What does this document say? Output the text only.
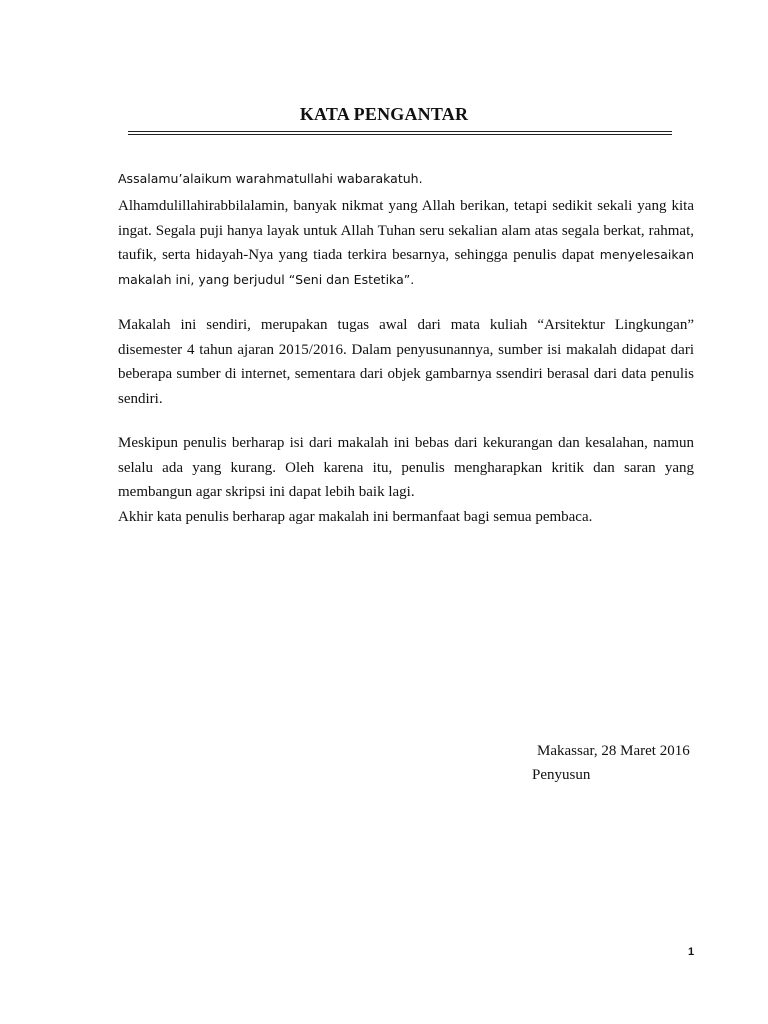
KATA PENGANTAR

Assalamu’alaikum warahmatullahi wabarakatuh.

Alhamdulillahirabbilalamin, banyak nikmat yang Allah berikan, tetapi sedikit sekali yang kita ingat. Segala puji hanya layak untuk Allah Tuhan seru sekalian alam atas segala berkat, rahmat, taufik, serta hidayah-Nya yang tiada terkira besarnya, sehingga penulis dapat menyelesaikan makalah ini, yang berjudul “Seni dan Estetika”.

Makalah ini sendiri, merupakan tugas awal dari mata kuliah “Arsitektur Lingkungan” disemester 4 tahun ajaran 2015/2016. Dalam penyusunannya, sumber isi makalah didapat dari beberapa sumber di internet, sementara dari objek gambarnya ssendiri berasal dari data penulis sendiri.

Meskipun penulis berharap isi dari makalah ini bebas dari kekurangan dan kesalahan, namun selalu ada yang kurang. Oleh karena itu, penulis mengharapkan kritik dan saran yang membangun agar skripsi ini dapat lebih baik lagi.

Akhir kata penulis berharap agar makalah ini bermanfaat bagi semua pembaca.

Makassar, 28 Maret 2016
Penyusun
1
